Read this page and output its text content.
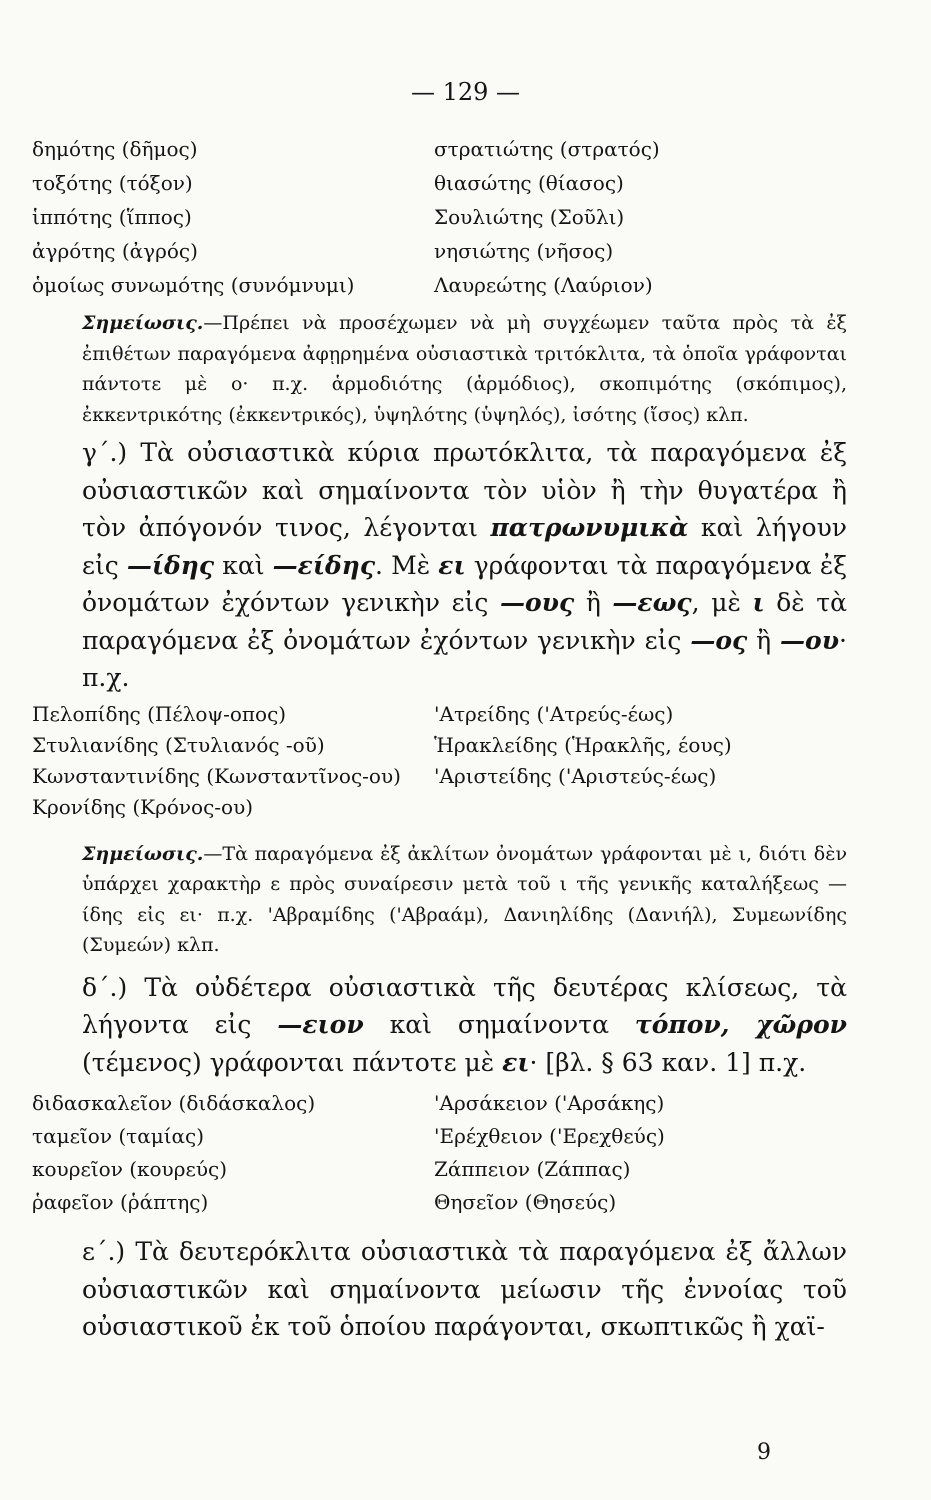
— 129 —
δημότης (δῆμος)	στρατιώτης (στρατός)
τοξότης (τόξον)	θιασώτης (θίασος)
ἱππότης (ἵππος)	Σουλιώτης (Σοῦλι)
ἀγρότης (ἀγρός)	νησιώτης (νῆσος)
ὁμοίως συνωμότης (συνόμνυμι)	Λαυρεώτης (Λαύριον)
Σημείωσις.—Πρέπει νὰ προσέχωμεν νὰ μὴ συγχέωμεν ταῦτα πρὸς τὰ ἐξ ἐπιθέτων παραγόμενα ἀφῃρημένα οὐσιαστικὰ τριτόκλιτα, τὰ ὁποῖα γράφονται πάντοτε μὲ ο· π.χ. ἁρμοδιότης (ἁρμόδιος), σκοπιμότης (σκόπιμος), ἐκκεντρικότης (ἐκκεντρικός), ὑψηλότης (ὑψηλός), ἰσότης (ἴσος) κλπ.
γ΄.) Τὰ οὐσιαστικὰ κύρια πρωτόκλιτα, τὰ παραγόμενα ἐξ οὐσιαστικῶν καὶ σημαίνοντα τὸν υἱὸν ἢ τὴν θυγατέρα ἢ τὸν ἀπόγονόν τινος, λέγονται πατρωνυμικὰ καὶ λήγουν εἰς —ίδης καὶ —είδης. Μὲ ει γράφονται τὰ παραγόμενα ἐξ ὀνομάτων ἐχόντων γενικὴν εἰς —ους ἢ —εως, μὲ ι δὲ τὰ παραγόμενα ἐξ ὀνομάτων ἐχόντων γενικὴν εἰς —ος ἢ —ου· π.χ.
Πελοπίδης (Πέλοψ-οπος)	'Ατρείδης ('Ατρεύς-έως)
Στυλιανίδης (Στυλιανός -οῦ)	Ἡρακλείδης (Ἡρακλῆς, έους)
Κωνσταντινίδης (Κωνσταντῖνος-ου)	'Αριστείδης ('Αριστεύς-έως)
Κρονίδης (Κρόνος-ου)
Σημείωσις.—Τὰ παραγόμενα ἐξ ἀκλίτων ὀνομάτων γράφονται μὲ ι, διότι δὲν ὑπάρχει χαρακτὴρ ε πρὸς συναίρεσιν μετὰ τοῦ ι τῆς γενικῆς καταλήξεως —ίδης εἰς ει· π.χ. 'Αβραμίδης ('Αβραάμ), Δανιηλίδης (Δανιήλ), Συμεωνίδης (Συμεών) κλπ.
δ΄.) Τὰ οὐδέτερα οὐσιαστικὰ τῆς δευτέρας κλίσεως, τὰ λήγοντα εἰς —ειον καὶ σημαίνοντα τόπον, χῶρον (τέμενος) γράφονται πάντοτε μὲ ει· [βλ. § 63 καν. 1] π.χ.
διδασκαλεῖον (διδάσκαλος)	'Αρσάκειον ('Αρσάκης)
ταμεῖον (ταμίας)	'Ερέχθειον ('Ερεχθεύς)
κουρεῖον (κουρεύς)	Ζάππειον (Ζάππας)
ῥαφεῖον (ῥάπτης)	Θησεῖον (Θησεύς)
ε΄.) Τὰ δευτερόκλιτα οὐσιαστικὰ τὰ παραγόμενα ἐξ ἄλλων οὐσιαστικῶν καὶ σημαίνοντα μείωσιν τῆς ἐννοίας τοῦ οὐσιαστικοῦ ἐκ τοῦ ὁποίου παράγονται, σκωπτικῶς ἢ χαϊ-
9
